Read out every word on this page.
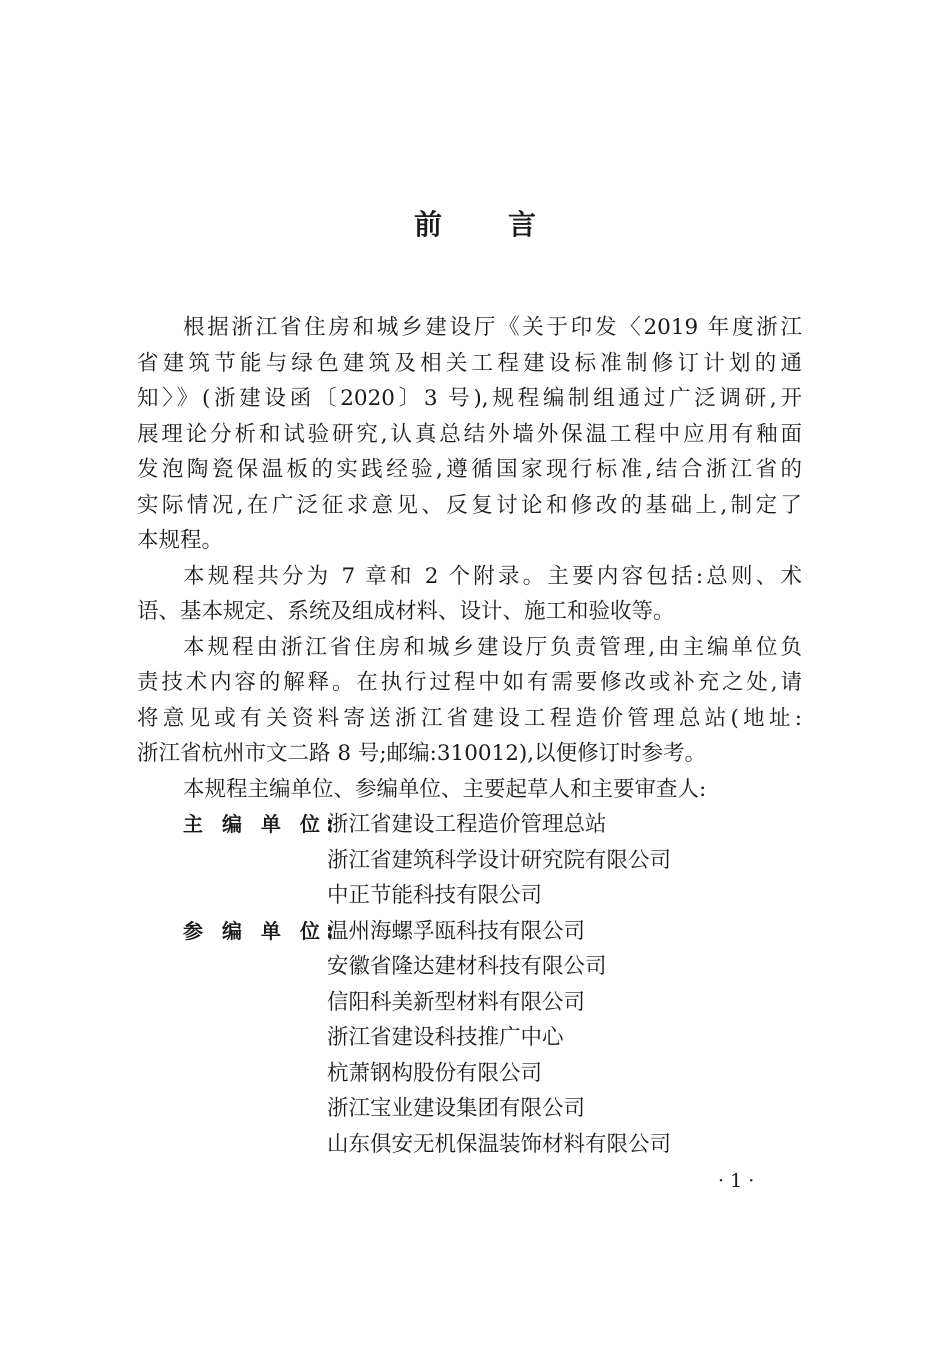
前 言
根据浙江省住房和城乡建设厅《关于印发〈2019 年度浙江
省建筑节能与绿色建筑及相关工程建设标准制修订计划的通
知〉》(浙建设函〔2020〕3 号),规程编制组通过广泛调研,开
展理论分析和试验研究,认真总结外墙外保温工程中应用有釉面
发泡陶瓷保温板的实践经验,遵循国家现行标准,结合浙江省的
实际情况,在广泛征求意见、反复讨论和修改的基础上,制定了
本规程。
本规程共分为 7 章和 2 个附录。主要内容包括:总则、术
语、基本规定、系统及组成材料、设计、施工和验收等。
本规程由浙江省住房和城乡建设厅负责管理,由主编单位负
责技术内容的解释。在执行过程中如有需要修改或补充之处,请
将意见或有关资料寄送浙江省建设工程造价管理总站(地址:
浙江省杭州市文二路 8 号;邮编:310012),以便修订时参考。
本规程主编单位、参编单位、主要起草人和主要审查人:
主 编 单 位:
浙江省建设工程造价管理总站
浙江省建筑科学设计研究院有限公司
中正节能科技有限公司
参 编 单 位:
温州海螺孚瓯科技有限公司
安徽省隆达建材科技有限公司
信阳科美新型材料有限公司
浙江省建设科技推广中心
杭萧钢构股份有限公司
浙江宝业建设集团有限公司
山东俱安无机保温装饰材料有限公司
· 1 ·
